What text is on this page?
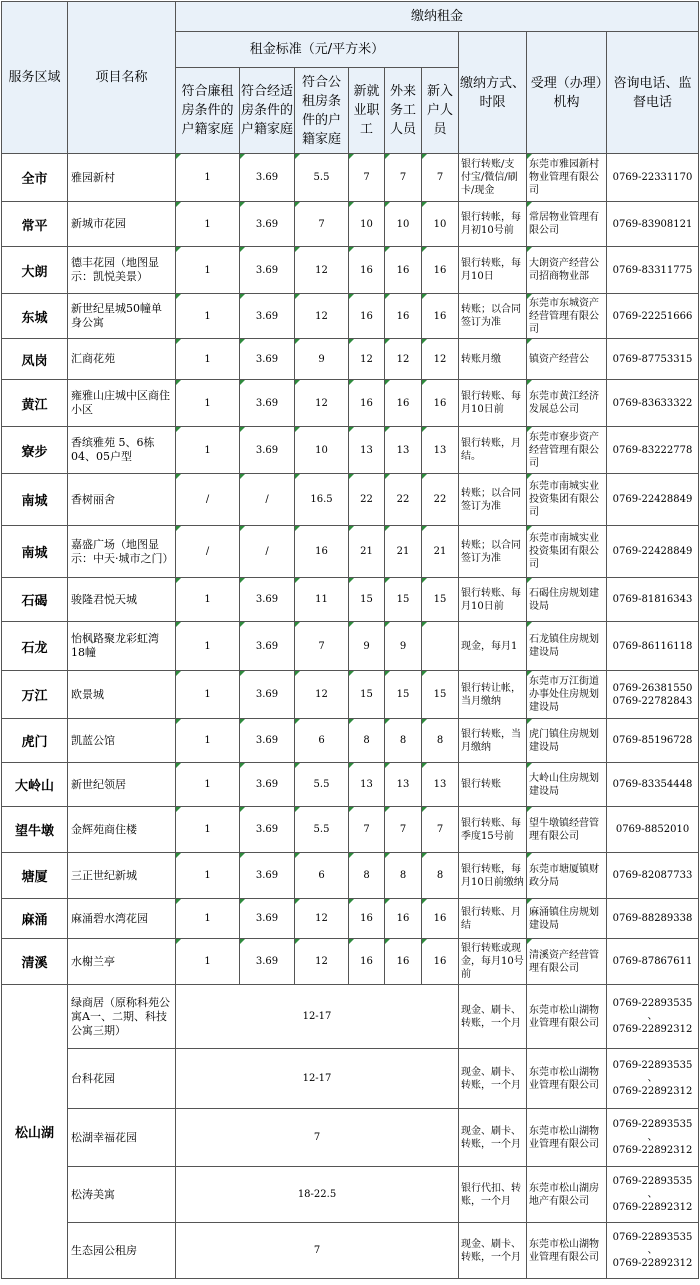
服务区域	项目名称	缴纳租金								
		租金标准（元/平方米）						缴纳方式、时限	受理（办理）机构	咨询电话、监督电话
		符合廉租房条件的户籍家庭	符合经适房条件的户籍家庭	符合公租房条件的户籍家庭	新就业职工	外来务工人员	新入户人员			
全市	雅园新村	1	3.69	5.5	7	7	7	银行转账/支付宝/微信/刷卡/现金	东莞市雅园新村物业管理有限公司	0769-22331170
常平	新城市花园	1	3.69	7	10	10	10	银行转帐，每月初10号前	常居物业管理有限公司	0769-83908121
大朗	德丰花园（地图显示：凯悦美景）	1	3.69	12	16	16	16	银行转账，每月10日	大朗资产经营公司招商物业部	0769-83311775
东城	新世纪星城50幢单身公寓	1	3.69	12	16	16	16	转账；以合同签订为准	东莞市东城资产经营管理有限公司	0769-22251666
凤岗	汇商花苑	1	3.69	9	12	12	12	转账月缴	镇资产经营公	0769-87753315
黄江	雍雅山庄城中区商住小区	1	3.69	12	16	16	16	银行转账、每月10日前	东莞市黄江经济发展总公司	0769-83633322
寮步	香缤雅苑 5、6栋04、05户型	1	3.69	10	13	13	13	银行转账，月结。	东莞市寮步资产经营管理有限公司	0769-83222778
南城	香树丽舍	/	/	16.5	22	22	22	转账；以合同签订为准	东莞市南城实业投资集团有限公司	0769-22428849
南城	嘉盛广场（地图显示：中天·城市之门）	/	/	16	21	21	21	转账；以合同签订为准	东莞市南城实业投资集团有限公司	0769-22428849
石碣	骏隆君悦天城	1	3.69	11	15	15	15	银行转账、每月10日前	石碣住房规划建设局	0769-81816343
石龙	怡枫路聚龙彩虹湾18幢	1	3.69	7	9	9		现金，每月1	石龙镇住房规划建设局	0769-86116118
万江	欧景城	1	3.69	12	15	15	15	银行转让帐，当月缴纳	东莞市万江街道办事处住房规划建设局	0769-26381550
0769-22782843
虎门	凯蓝公馆	1	3.69	6	8	8	8	银行转账，当月缴纳	虎门镇住房规划建设局	0769-85196728
大岭山	新世纪领居	1	3.69	5.5	13	13	13	银行转账	大岭山住房规划建设局	0769-83354448
望牛墩	金辉苑商住楼	1	3.69	5.5	7	7	7	银行转账、每季度15号前	望牛墩镇经营管理有限公司	0769-8852010
塘厦	三正世纪新城	1	3.69	6	8	8	8	银行转账，每月10日前缴纳	东莞市塘厦镇财政分局	0769-82087733
麻涌	麻涌碧水湾花园	1	3.69	12	16	16	16	银行转账、月结	麻涌镇住房规划建设局	0769-88289338
清溪	水榭兰亭	1	3.69	12	16	16	16	银行转账或现金，每月10号前	清溪资产经营管理有限公司	0769-87867611
松山湖	绿商居（原称科苑公寓A一、二期、科技公寓三期）	12-17						现金、刷卡、转账，一个月	东莞市松山湖物业管理有限公司	0769-22893535
、
0769-22892312
	台科花园	12-17						现金、刷卡、转账，一个月	东莞市松山湖物业管理有限公司	0769-22893535
、
0769-22892312
	松湖幸福花园	7						现金、刷卡、转账，一个月	东莞市松山湖物业管理有限公司	0769-22893535
、
0769-22892312
	松涛美寓	18-22.5						银行代扣、转账，一个月	东莞市松山湖房地产有限公司	0769-22893535
、
0769-22892312
	生态园公租房	7						现金、刷卡、转账，一个月	东莞市松山湖物业管理有限公司	0769-22893535
、
0769-22892312
